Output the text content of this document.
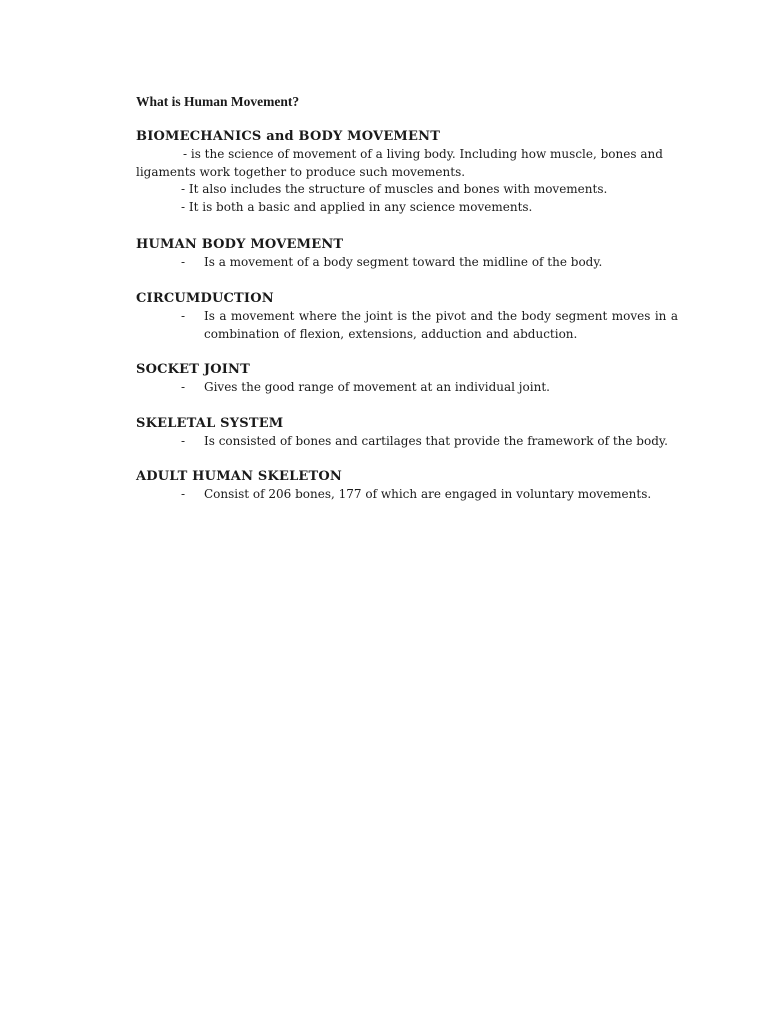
What is Human Movement?
BIOMECHANICS and BODY MOVEMENT
- is the science of movement of a living body. Including how muscle, bones and
ligaments work together to produce such movements.
- It also includes the structure of muscles and bones with movements.
- It is both a basic and applied in any science movements.
HUMAN BODY MOVEMENT
- Is a movement of a body segment toward the midline of the body.
CIRCUMDUCTION
- Is a movement where the joint is the pivot and the body segment moves in a combination of flexion, extensions, adduction and abduction.
SOCKET JOINT
- Gives the good range of movement at an individual joint.
SKELETAL SYSTEM
- Is consisted of bones and cartilages that provide the framework of the body.
ADULT HUMAN SKELETON
- Consist of 206 bones, 177 of which are engaged in voluntary movements.
